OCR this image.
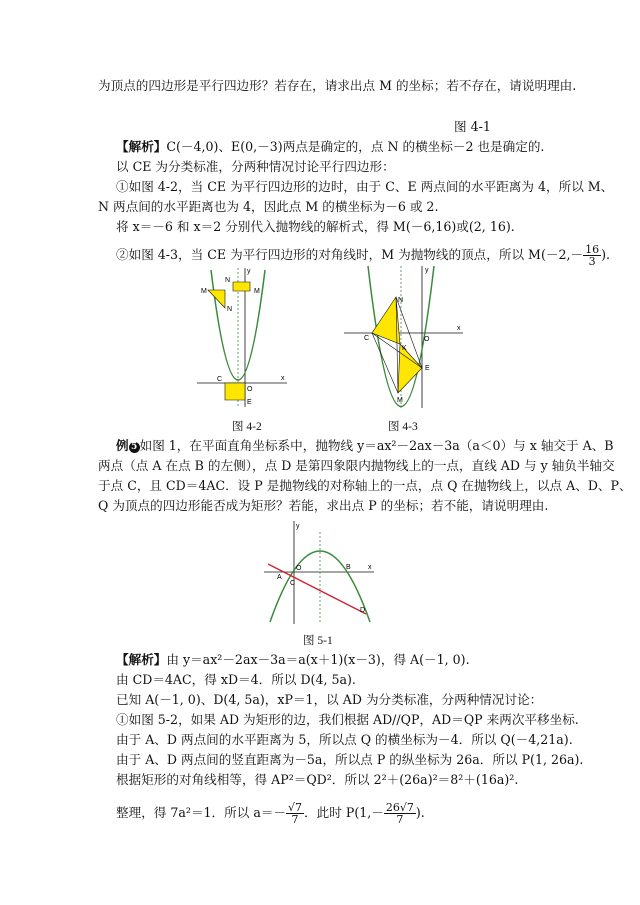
为顶点的四边形是平行四边形？若存在，请求出点 M 的坐标；若不存在，请说明理由.
图 4-1
【解析】C(－4,0)、E(0,－3)两点是确定的，点 N 的横坐标－2 也是确定的.
以 CE 为分类标准，分两种情况讨论平行四边形：
①如图 4-2，当 CE 为平行四边形的边时，由于 C、E 两点间的水平距离为 4，所以 M、
N 两点间的水平距离也为 4，因此点 M 的横坐标为－6 或 2.
将 x＝－6 和 x＝2 分别代入抛物线的解析式，得 M(－6,16)或(2, 16).
②如图 4-3，当 CE 为平行四边形的对角线时，M 为抛物线的顶点，所以 $M(-2,- \frac{16}{3}$ ).
M
N
N
M
C
O
E
x
y
图 4-2
N
C
K
O
E
M
x
y
图 4-3
例 5 如图 1，在平面直角坐标系中，抛物线 y＝ax²－2ax－3a（a＜0）与 x 轴交于 A、B
两点（点 A 在点 B 的左侧），点 D 是第四象限内抛物线上的一点，直线 AD 与 y 轴负半轴交
于点 C，且 CD＝4AC．设 P 是抛物线的对称轴上的一点，点 Q 在抛物线上，以点 A、D、P、
Q 为顶点的四边形能否成为矩形？若能，求出点 P 的坐标；若不能，请说明理由.
y
A
C
O	B x
D
图 5-1
【解析】由 y＝ax²－2ax－3a＝a(x＋1)(x－3)，得 A(－1, 0).
由 CD＝4AC，得 xD＝4．所以 D(4, 5a).
已知 A(－1, 0)、D(4, 5a)，xP＝1，以 AD 为分类标准，分两种情况讨论：
①如图 5-2，如果 AD 为矩形的边，我们根据 AD//QP，AD＝QP 来两次平移坐标.
由于 A、D 两点间的水平距离为 5，所以点 Q 的横坐标为－4．所以 Q(－4,21a).
由于 A、D 两点间的竖直距离为－5a，所以点 P 的纵坐标为 26a．所以 P(1, 26a).
根据矩形的对角线相等，得 AP²＝QD²．所以 2²＋(26a)²＝8²＋(16a)².
整理，得 7a²＝1．所以 $a=- \frac{√7}{7}$ ．此时 $P(1,- \frac{26√7}{7}$ ).
